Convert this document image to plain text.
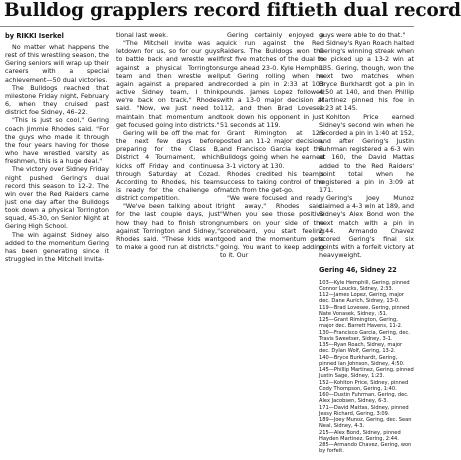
Bulldog grapplers record fiftieth dual record
by RIKKI Iserkel

No matter what happens the rest of this wrestling season, the Gering seniors will wrap up their careers with a special achievement—50 dual victories.

The Bulldogs reached that milestone Friday night, February 6, when they cruised past district foe Sidney, 46–22.

"This is just so cool," Gering coach Jimmie Rhodes said. "For the guys who made it through the four years having for those who have wrestled varsity as freshmen, this is a huge deal."

The victory over Sidney Friday night pushed Gering's dual record this season to 12-2. The win over the Red Raiders came just one day after the Bulldogs took down a physical Torrington squad, 45-30, on Senior Night at Gering High School.

The win against Sidney also added to the momentum Gering has been generating since it struggled in the Mitchell Invita-

tional last week.

"The Mitchell invite was a letdown for us, so for our guys to battle back and wrestle well against a physical Torrington team and then wrestle well again against a prepared and active Sidney team, I think we're back on track," Rhodes said. "Now, we just need to maintain that momentum and get focused going into districts."

Gering will be off the mat for the next few days before preparing for the Class B, District 4 Tournament, which kicks off Friday and continues through Saturday at Cozad. According to Rhodes, his team is ready for the challenge of district competition.

"We've been talking about it for the last couple days, just how they had to finish strong against Torrington and Sidney," Rhodes said. "These kids want to make a good run at districts."

Gering certainly enjoyed a quick run against the Red Raiders. The Bulldogs won the first five matches of the dual to surge ahead 23-0. Kyle Hemphill put Gering rolling when he recorded a pin in 2:33 at 103 pounds. James Lopez followed with a 13-0 major decision at 112, and then Brad Lovesee took down his opponent in just 51 seconds at 119.

Grant Rimington at 125 posted an 11-2 major decision, and Francisco Garcia kept the Bulldogs going when he earned a 3-1 victory at 130.

Rhodes credited his team's success to taking control of the match from the get-go.

"We were focused and ready right away," Rhodes said. "When you see those positive numbers on your side of the scoreboard, you start feeling good and the momentum gets going. You want to keep adding to it. Our

guys were able to do that."

Sidney's Ryan Roach halted Gering's winning streak when he picked up a 13-2 win at 135. Gering, though, won the next two matches when Bryce Burkhardt got a pin in 4:50 at 140, and then Phillip Martinez pinned his foe in 1:23 at 145.

Kohlton Price earned Sidney's second win when he recorded a pin in 1:40 at 152, and after Gering's Justin Fuhrman registered a 6-3 win at 160, the David Mattas added to the Red Raiders' point total when he registered a pin in 3:09 at 171.

Gering's Joey Munoz claimed a 4-3 win at 189, and Sidney's Alex Bond won the next match with a pin in 2:44. Armando Chavez scored Gering's final six points with a forfeit victory at heavyweight.

Gering 46, Sidney 22
103—Kyle Hemphill, Gering, pinned Connor Loucks, Sidney, 2:33.
112—James Lopez, Gering, major dec. Dane Aurich, Sidney, 13-0.
119—Brad Lovesee, Gering, pinned Nate Vonasek, Sidney, :51.
125—Grant Rimington, Gering, major dec. Barrett Havens, 11-2.
130—Francisco Garcia, Gering, dec. Travis Sweetser, Sidney, 3-1.
135—Ryan Roach, Sidney, major dec. Dylan Wolf, Gering, 13-2.
140—Bryce Burkhardt, Gering, pinned Ian Johnson, Sidney, 4:50.
145—Phillip Martinez, Gering, pinned Justin Sage, Sidney, 1:23.
152—Kohlton Price, Sidney, pinned Cody Thompson, Gering, 1:40.
160—Dustin Fuhrman, Gering, dec. Alex Jacobsen, Sidney, 6-3.
171—David Mattas, Sidney, pinned Jessy Richard, Gering, 3:09.
189—Joey Munoz, Gering, dec. Sean Neal, Sidney, 4-3.
215—Alex Bond, Sidney, pinned Hayden Martinez, Gering, 2:44.
285—Armando Chavez, Gering, won by forfeit.
